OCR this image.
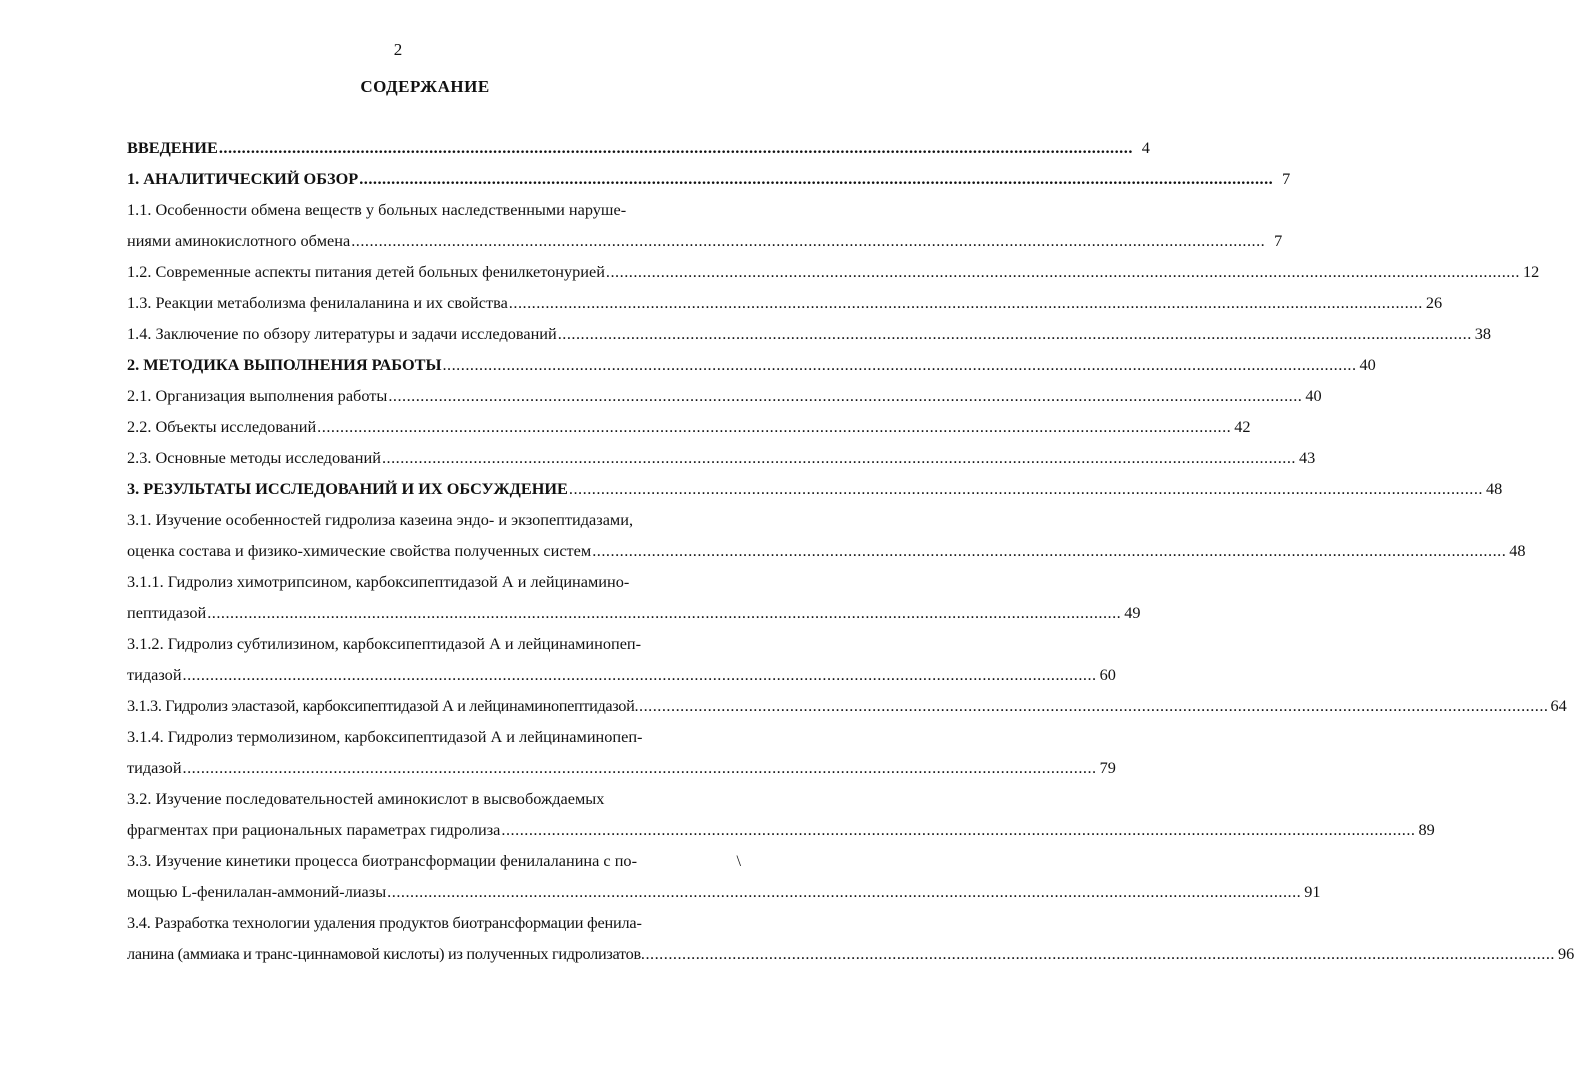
2
СОДЕРЖАНИЕ
ВВЕДЕНИЕ ........................................................................................................................................................................................................ 4
1. АНАЛИТИЧЕСКИЙ ОБЗОР ........................................................................................................................................................................................................ 7
1.1. Особенности обмена веществ у больных наследственными наруше-
ниями аминокислотного обмена ........................................................................................................................................................................................................ 7
1.2. Современные аспекты питания детей больных фенилкетонурией ........................................................................................................................................................................................................ 12
1.3. Реакции метаболизма фенилаланина и их свойства ........................................................................................................................................................................................................ 26
1.4. Заключение по обзору литературы и задачи исследований ........................................................................................................................................................................................................ 38
2. МЕТОДИКА ВЫПОЛНЕНИЯ РАБОТЫ ........................................................................................................................................................................................................ 40
2.1. Организация выполнения работы ........................................................................................................................................................................................................ 40
2.2. Объекты исследований ........................................................................................................................................................................................................ 42
2.3. Основные методы исследований ........................................................................................................................................................................................................ 43
3. РЕЗУЛЬТАТЫ ИССЛЕДОВАНИЙ И ИХ ОБСУЖДЕНИЕ ........................................................................................................................................................................................................ 48
3.1. Изучение особенностей гидролиза казеина эндо- и экзопептидазами,
оценка состава и физико-химические свойства полученных систем ........................................................................................................................................................................................................ 48
3.1.1. Гидролиз химотрипсином, карбоксипептидазой А и лейцинамино-
пептидазой ........................................................................................................................................................................................................ 49
3.1.2. Гидролиз субтилизином, карбоксипептидазой А и лейцинаминопеп-
тидазой ........................................................................................................................................................................................................ 60
3.1.3. Гидролиз эластазой, карбоксипептидазой А и лейцинаминопептидазой ........................................................................................................................................................................................................ 64
3.1.4. Гидролиз термолизином, карбоксипептидазой А и лейцинаминопеп-
тидазой ........................................................................................................................................................................................................ 79
3.2. Изучение последовательностей аминокислот в высвобождаемых
фрагментах при рациональных параметрах гидролиза ........................................................................................................................................................................................................ 89
3.3. Изучение кинетики процесса биотрансформации фенилаланина с по-	\
мощью L-фенилалан-аммоний-лиазы ........................................................................................................................................................................................................ 91
3.4. Разработка технологии удаления продуктов биотрансформации фенила-
ланина (аммиака и транс-циннамовой кислоты) из полученных гидролизатов ........................................................................................................................................................................................................ 96
